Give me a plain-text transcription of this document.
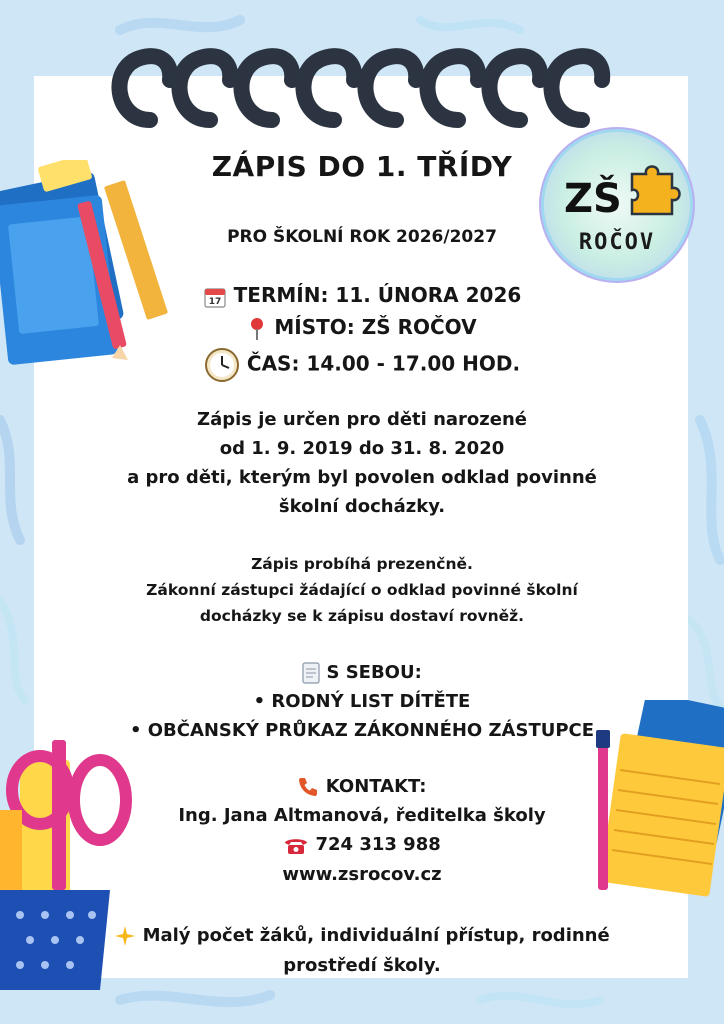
ZŠ
ROČOV
ZÁPIS DO 1. TŘÍDY
PRO ŠKOLNÍ ROK 2026/2027
17 TERMÍN: 11. ÚNORA 2026
MÍSTO: ZŠ ROČOV
ČAS: 14.00 - 17.00 HOD.
Zápis je určen pro děti narozené
od 1. 9. 2019 do 31. 8. 2020
a pro děti, kterým byl povolen odklad povinné
školní docházky.
Zápis probíhá prezenčně.
Zákonní zástupci žádající o odklad povinné školní
docházky se k zápisu dostaví rovněž.
S SEBOU:
• RODNÝ LIST DÍTĚTE
• OBČANSKÝ PRŮKAZ ZÁKONNÉHO ZÁSTUPCE
KONTAKT:
Ing. Jana Altmanová, ředitelka školy
724 313 988
www.zsrocov.cz
Malý počet žáků, individuální přístup, rodinné
prostředí školy.
